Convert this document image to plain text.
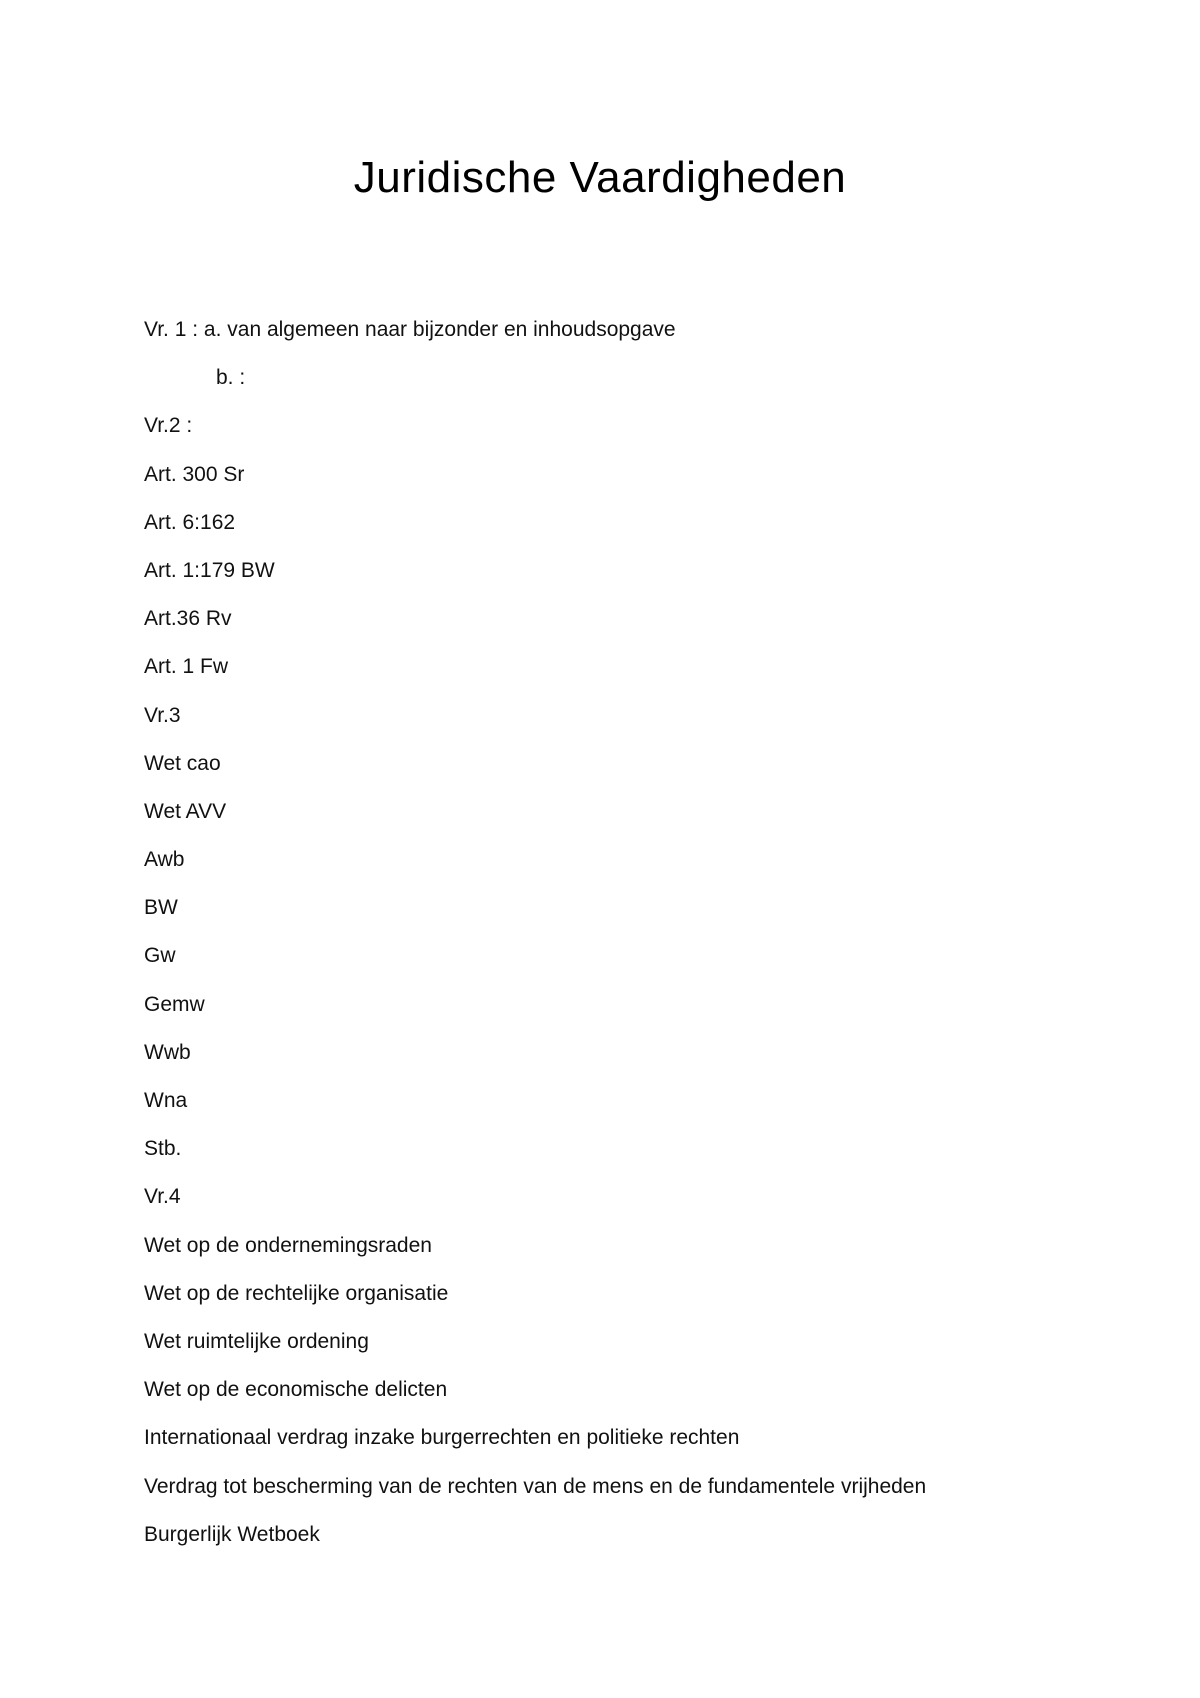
Juridische Vaardigheden
Vr. 1 : a. van algemeen naar bijzonder en inhoudsopgave
b. :
Vr.2 :
Art. 300 Sr
Art. 6:162
Art. 1:179 BW
Art.36 Rv
Art. 1 Fw
Vr.3
Wet cao
Wet AVV
Awb
BW
Gw
Gemw
Wwb
Wna
Stb.
Vr.4
Wet op de ondernemingsraden
Wet op de rechtelijke organisatie
Wet ruimtelijke ordening
Wet op de economische delicten
Internationaal verdrag inzake burgerrechten en politieke rechten
Verdrag tot bescherming van de rechten van de mens en de fundamentele vrijheden
Burgerlijk Wetboek
